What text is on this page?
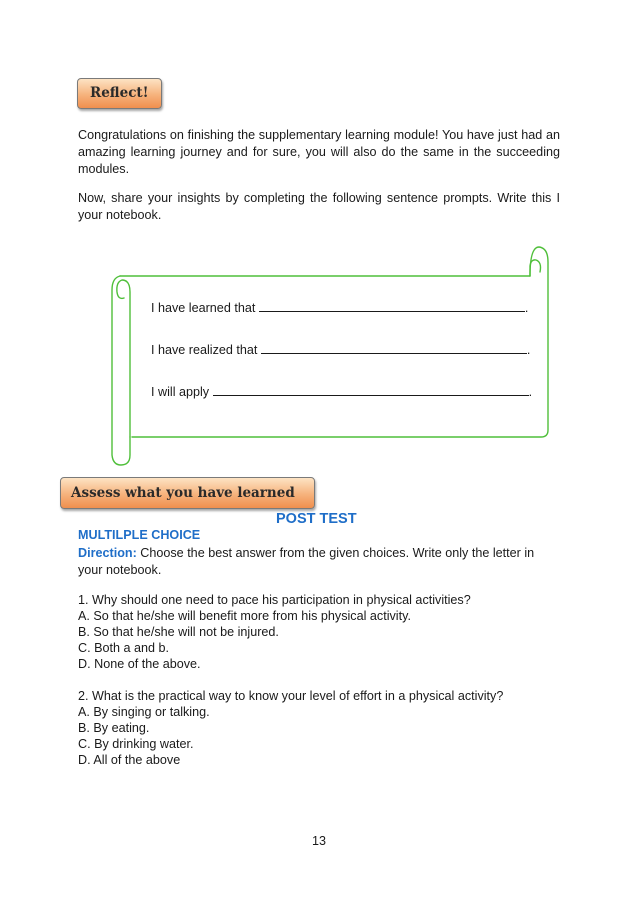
Reflect!
Congratulations on finishing the supplementary learning module! You have just had an amazing learning journey and for sure, you will also do the same in the succeeding modules.
Now, share your insights by completing the following sentence prompts. Write this I your notebook.
I have learned that	.
I have realized that	.
I will apply	.
Assess what you have learned
POST TEST
MULTILPLE CHOICE
Direction: Choose the best answer from the given choices. Write only the letter in your notebook.
1. Why should one need to pace his participation in physical activities?
A. So that he/she will benefit more from his physical activity.
B. So that he/she will not be injured.
C. Both a and b.
D. None of the above.
2. What is the practical way to know your level of effort in a physical activity?
A. By singing or talking.
B. By eating.
C. By drinking water.
D. All of the above
13
